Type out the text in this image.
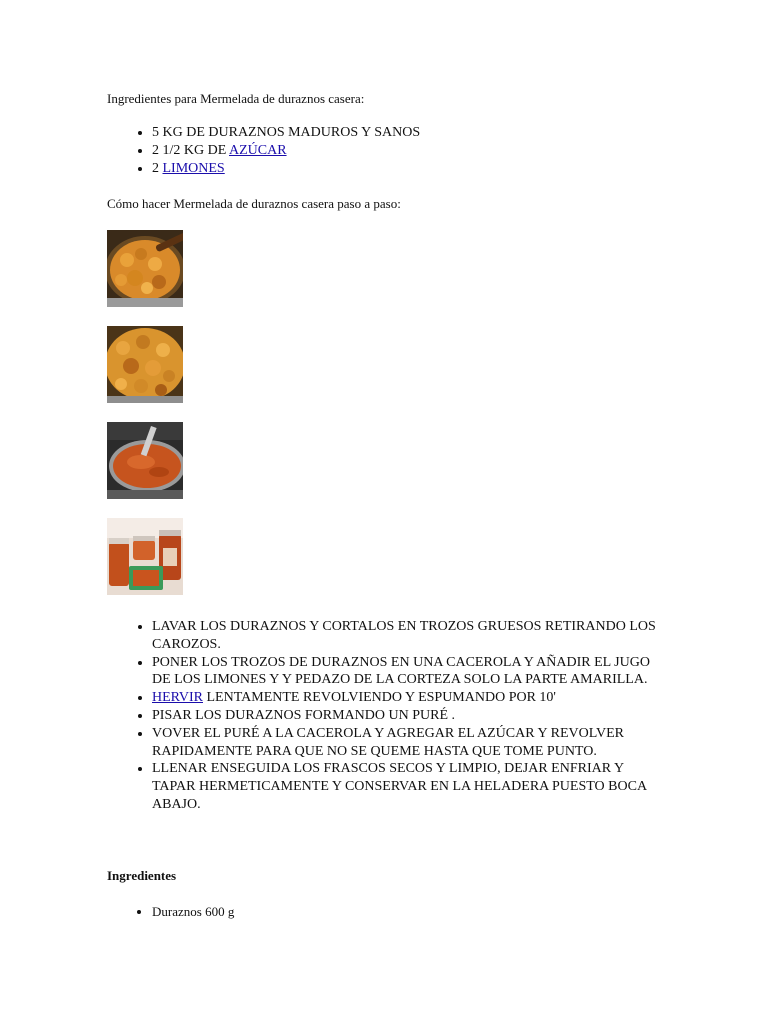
Ingredientes para Mermelada de duraznos casera:

• 5 KG DE DURAZNOS MADUROS Y SANOS
• 2 1/2 KG DE AZÚCAR
• 2 LIMONES

Cómo hacer Mermelada de duraznos casera paso a paso:

• LAVAR LOS DURAZNOS Y CORTALOS EN TROZOS GRUESOS RETIRANDO LOS CAROZOS.
• PONER LOS TROZOS DE DURAZNOS EN UNA CACEROLA Y AÑADIR EL JUGO DE LOS LIMONES Y Y PEDAZO DE LA CORTEZA SOLO LA PARTE AMARILLA.
• HERVIR LENTAMENTE REVOLVIENDO Y ESPUMANDO POR 10'
• PISAR LOS DURAZNOS FORMANDO UN PURÉ .
• VOVER EL PURÉ A LA CACEROLA Y AGREGAR EL AZÚCAR Y REVOLVER RAPIDAMENTE PARA QUE NO SE QUEME HASTA QUE TOME PUNTO.
• LLENAR ENSEGUIDA LOS FRASCOS SECOS Y LIMPIO, DEJAR ENFRIAR Y TAPAR HERMETICAMENTE Y CONSERVAR EN LA HELADERA PUESTO BOCA ABAJO.

Ingredientes

• Duraznos 600 g
